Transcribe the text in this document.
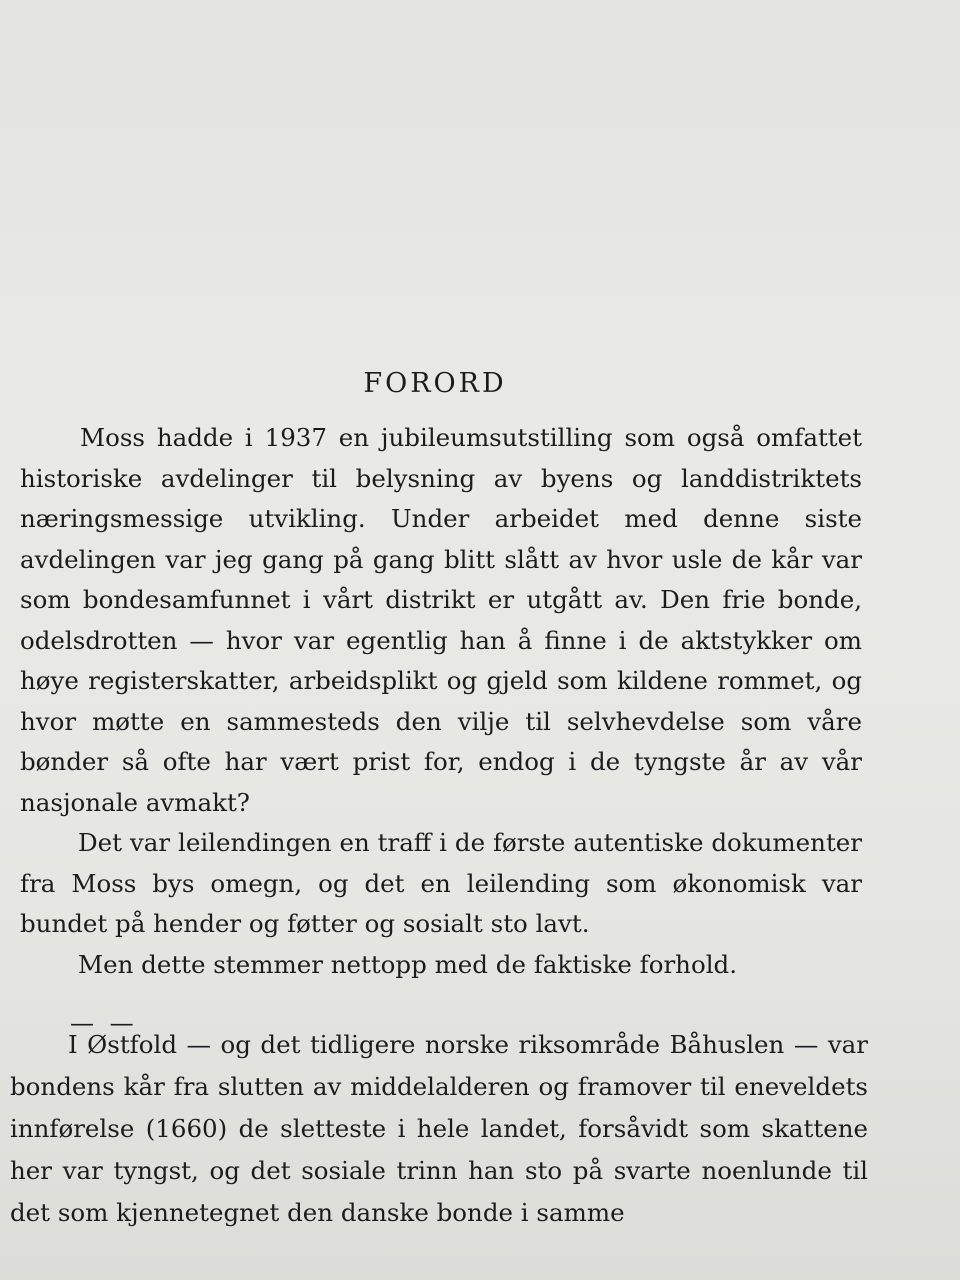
FORORD

Moss hadde i 1937 en jubileumsutstilling som også omfattet historiske avdelinger til belysning av byens og landdistriktets næringsmessige utvikling. Under arbeidet med denne siste avdelingen var jeg gang på gang blitt slått av hvor usle de kår var som bondesamfunnet i vårt distrikt er utgått av. Den frie bonde, odelsdrotten — hvor var egentlig han å finne i de aktstykker om høye registerskatter, arbeidsplikt og gjeld som kildene rommet, og hvor møtte en sammesteds den vilje til selvhevdelse som våre bønder så ofte har vært prist for, endog i de tyngste år av vår nasjonale avmakt?

Det var leilendingen en traff i de første autentiske dokumenter fra Moss bys omegn, og det en leilending som økonomisk var bundet på hender og føtter og sosialt sto lavt.

Men dette stemmer nettopp med de faktiske forhold.

— —

I Østfold — og det tidligere norske riksområde Båhuslen — var bondens kår fra slutten av middelalderen og framover til eneveldets innførelse (1660) de sletteste i hele landet, forsåvidt som skattene her var tyngst, og det sosiale trinn han sto på svarte noenlunde til det som kjennetegnet den danske bonde i samme
